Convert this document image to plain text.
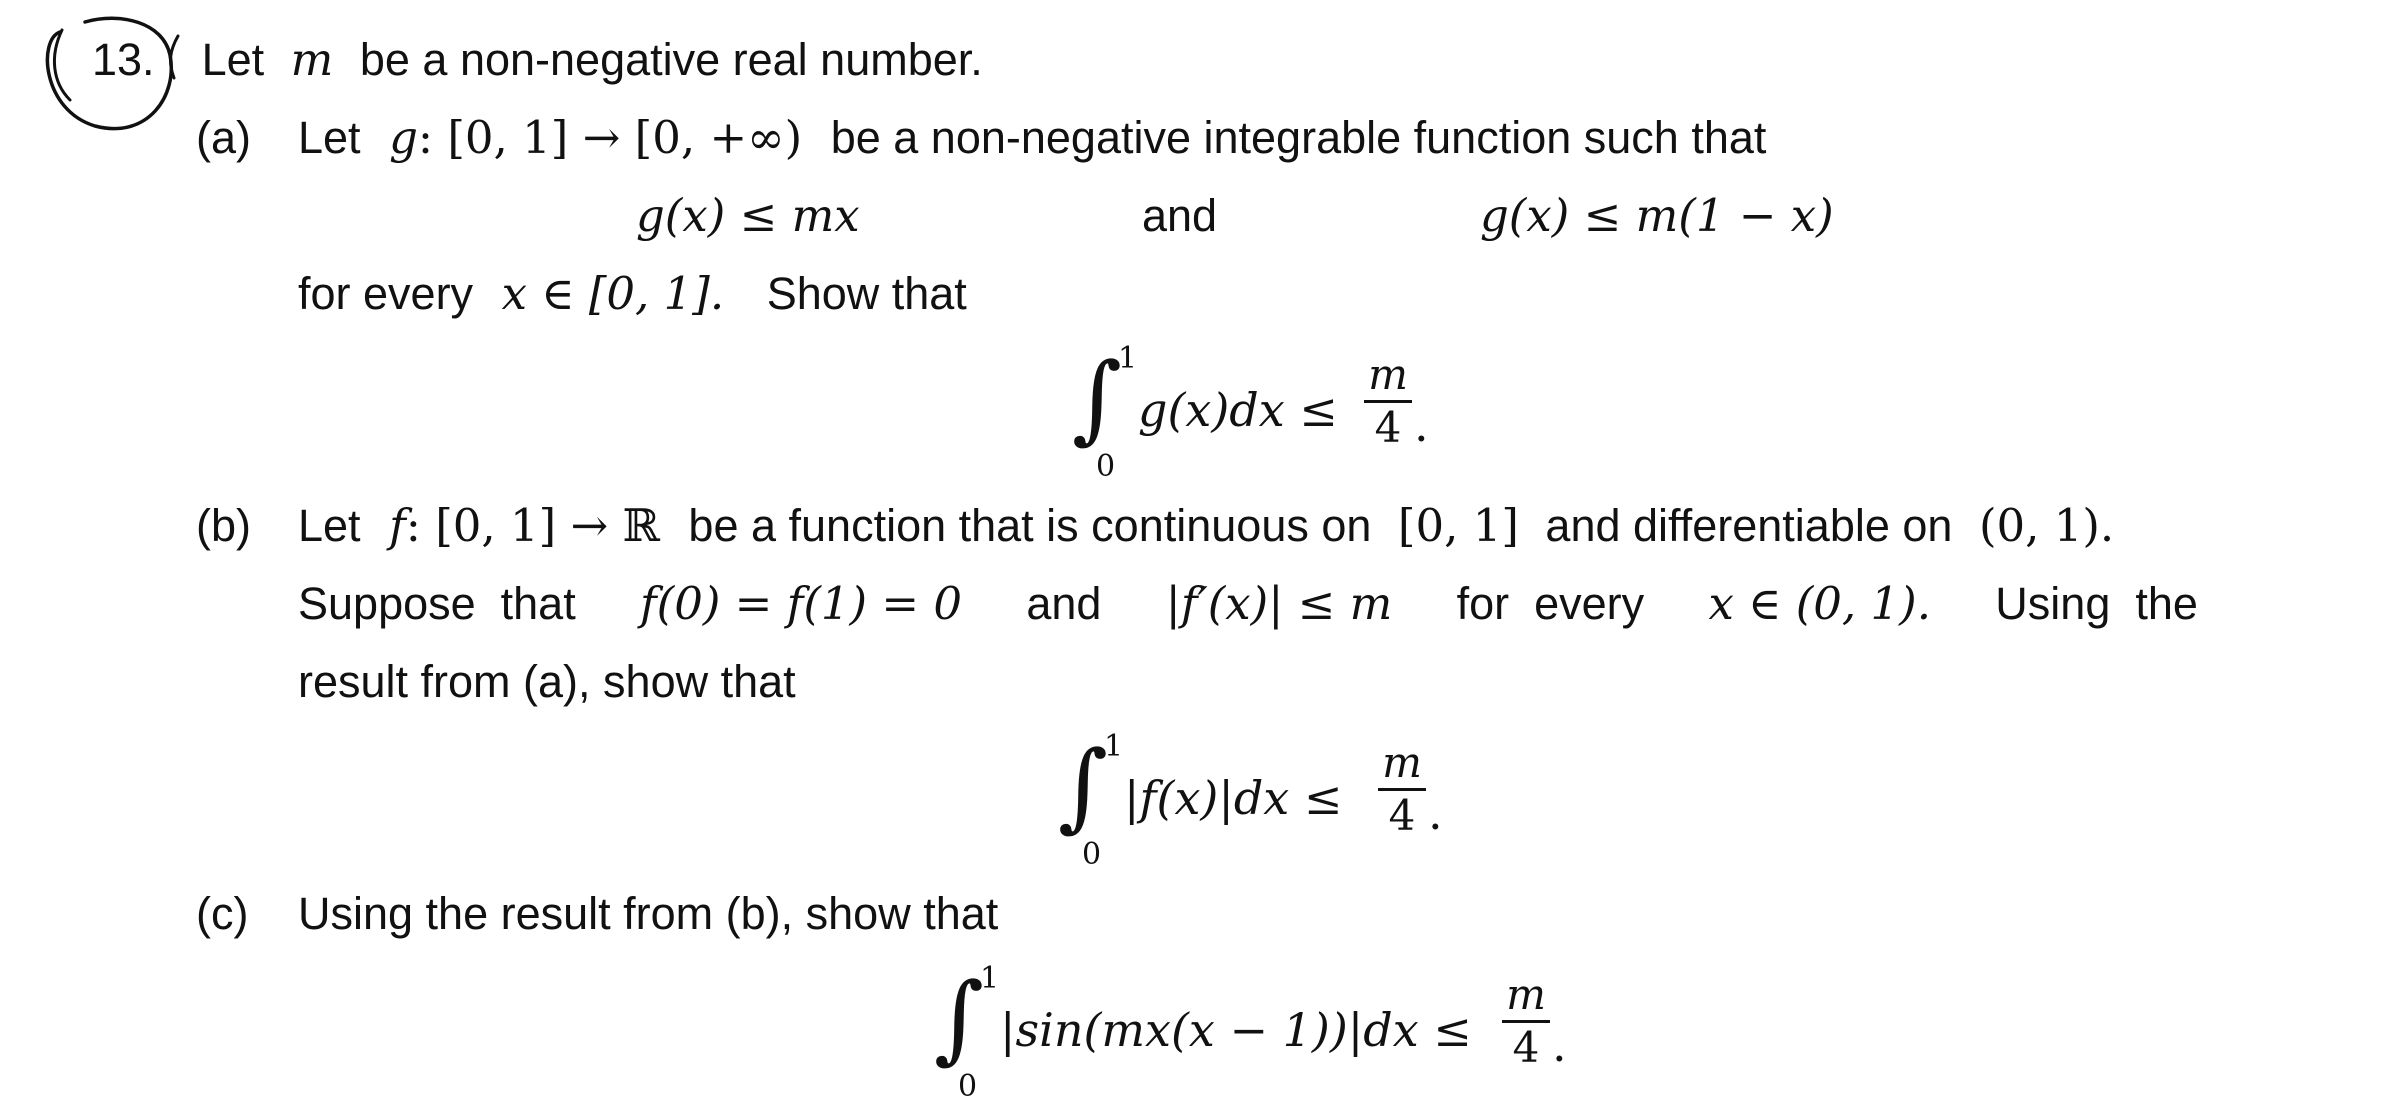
13. Let m be a non-negative real number.
(a) Let g: [0, 1] → [0, +∞) be a non-negative integrable function such that
g(x) ≤ mx	and	g(x) ≤ m(1 − x)
for every x ∈ [0, 1]. Show that
∫
1
0
g(x)dx ≤
m
4 .
(b) Let f: [0, 1] → ℝ be a function that is continuous on [0, 1] and differentiable on (0, 1).
Suppose  that f(0) = f(1) = 0 and |f′(x)| ≤ m for  every x ∈ (0, 1). Using  the
result from (a), show that
∫
1
0
|f(x)|dx ≤
m
4 .
(c) Using the result from (b), show that
∫
1
0
|sin(mx(x − 1))|dx ≤
m
4 .
